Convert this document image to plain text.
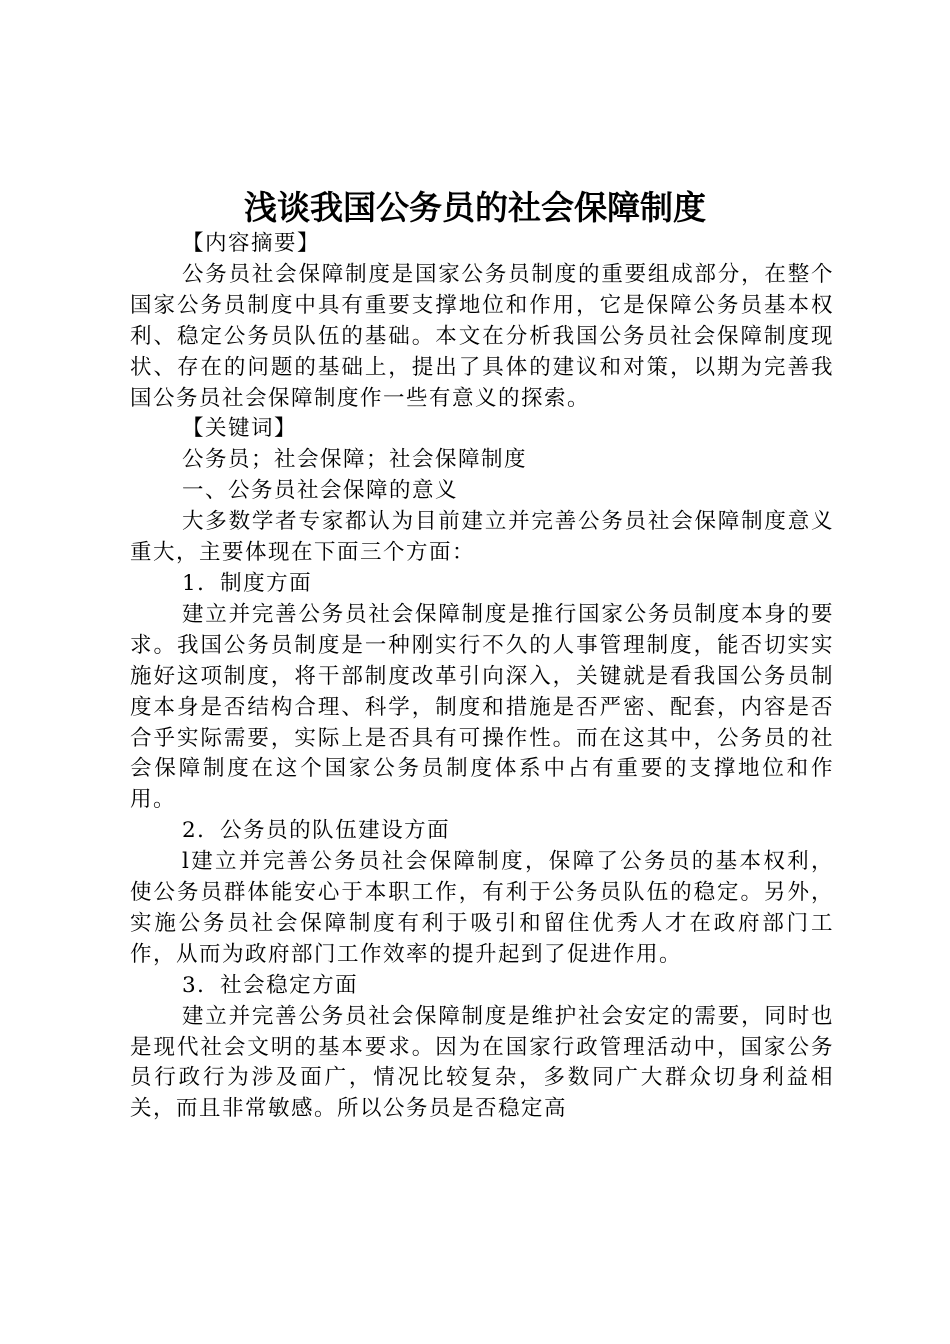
浅谈我国公务员的社会保障制度

【内容摘要】

公务员社会保障制度是国家公务员制度的重要组成部分，在整个国家公务员制度中具有重要支撑地位和作用，它是保障公务员基本权利、稳定公务员队伍的基础。本文在分析我国公务员社会保障制度现状、存在的问题的基础上，提出了具体的建议和对策，以期为完善我国公务员社会保障制度作一些有意义的探索。

【关键词】

公务员；社会保障；社会保障制度

一、公务员社会保障的意义

大多数学者专家都认为目前建立并完善公务员社会保障制度意义重大，主要体现在下面三个方面：

1．制度方面

建立并完善公务员社会保障制度是推行国家公务员制度本身的要求。我国公务员制度是一种刚实行不久的人事管理制度，能否切实实施好这项制度，将干部制度改革引向深入，关键就是看我国公务员制度本身是否结构合理、科学，制度和措施是否严密、配套，内容是否合乎实际需要，实际上是否具有可操作性。而在这其中，公务员的社会保障制度在这个国家公务员制度体系中占有重要的支撑地位和作用。

2．公务员的队伍建设方面

l建立并完善公务员社会保障制度，保障了公务员的基本权利，使公务员群体能安心于本职工作，有利于公务员队伍的稳定。另外，实施公务员社会保障制度有利于吸引和留住优秀人才在政府部门工作，从而为政府部门工作效率的提升起到了促进作用。

3．社会稳定方面

建立并完善公务员社会保障制度是维护社会安定的需要，同时也是现代社会文明的基本要求。因为在国家行政管理活动中，国家公务员行政行为涉及面广，情况比较复杂，多数同广大群众切身利益相关，而且非常敏感。所以公务员是否稳定高
